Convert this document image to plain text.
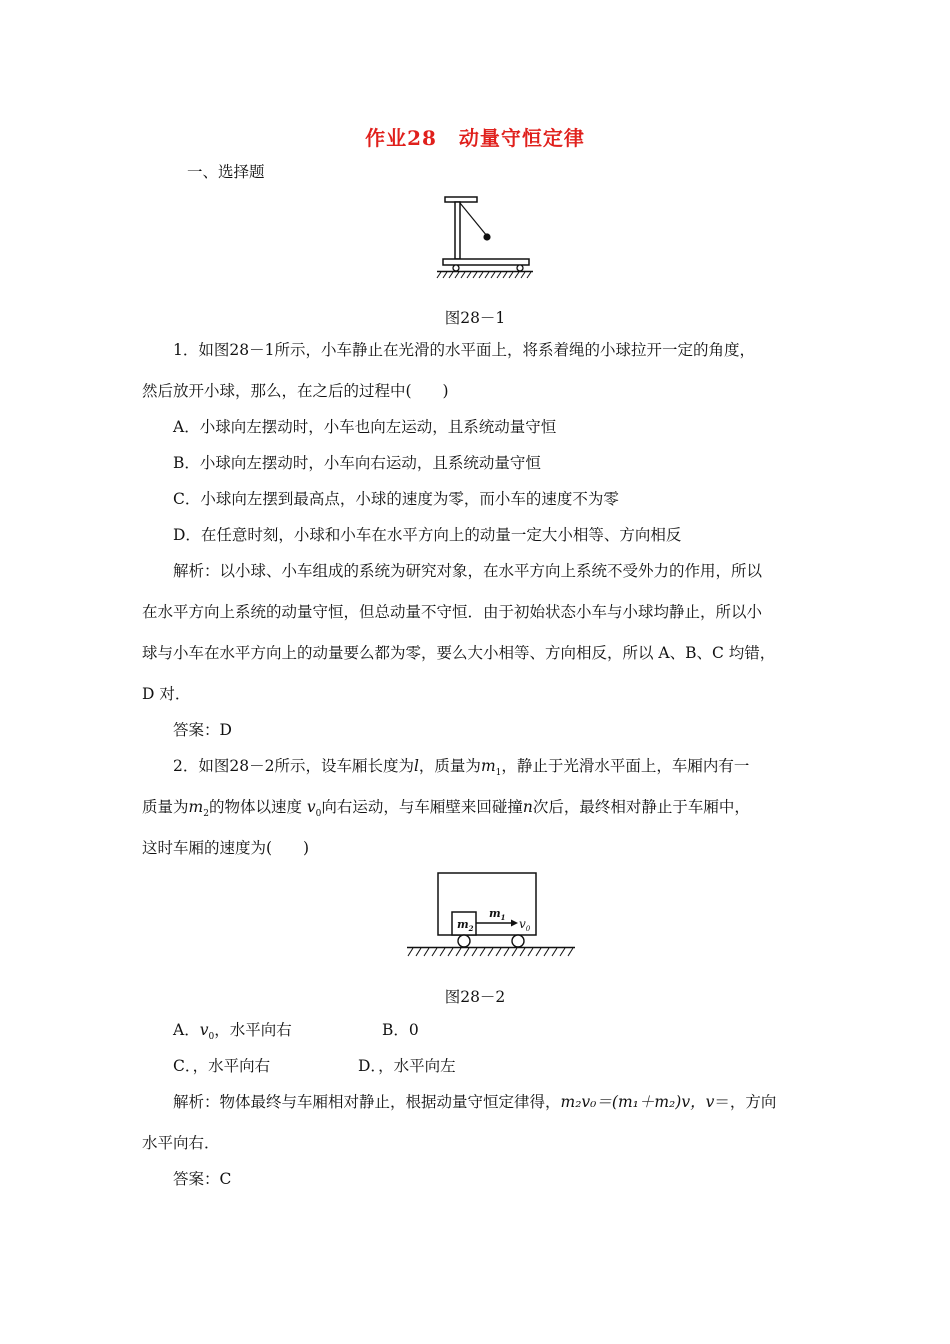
作业28 动量守恒定律
一、选择题
图28－1
1．如图28－1所示，小车静止在光滑的水平面上，将系着绳的小球拉开一定的角度，
然后放开小球，那么，在之后的过程中(　　)
A．小球向左摆动时，小车也向左运动，且系统动量守恒
B．小球向左摆动时，小车向右运动，且系统动量守恒
C．小球向左摆到最高点，小球的速度为零，而小车的速度不为零
D．在任意时刻，小球和小车在水平方向上的动量一定大小相等、方向相反
解析：以小球、小车组成的系统为研究对象，在水平方向上系统不受外力的作用，所以
在水平方向上系统的动量守恒，但总动量不守恒．由于初始状态小车与小球均静止，所以小
球与小车在水平方向上的动量要么都为零，要么大小相等、方向相反，所以 A、B、C 均错，
D 对．
答案：D
2．如图28－2所示，设车厢长度为l，质量为$m_1$，静止于光滑水平面上，车厢内有一
质量为$m_2$的物体以速度 $v_0$向右运动，与车厢壁来回碰撞n次后，最终相对静止于车厢中，
这时车厢的速度为(　　)
$m_2$
$m_1$ $v_0$
图28－2
A．$v_0$，水平向右	B．0
C．，水平向右	D．，水平向左
解析：物体最终与车厢相对静止，根据动量守恒定律得，m₂v₀＝(m₁＋m₂)v，v＝，方向
水平向右．
答案：C
